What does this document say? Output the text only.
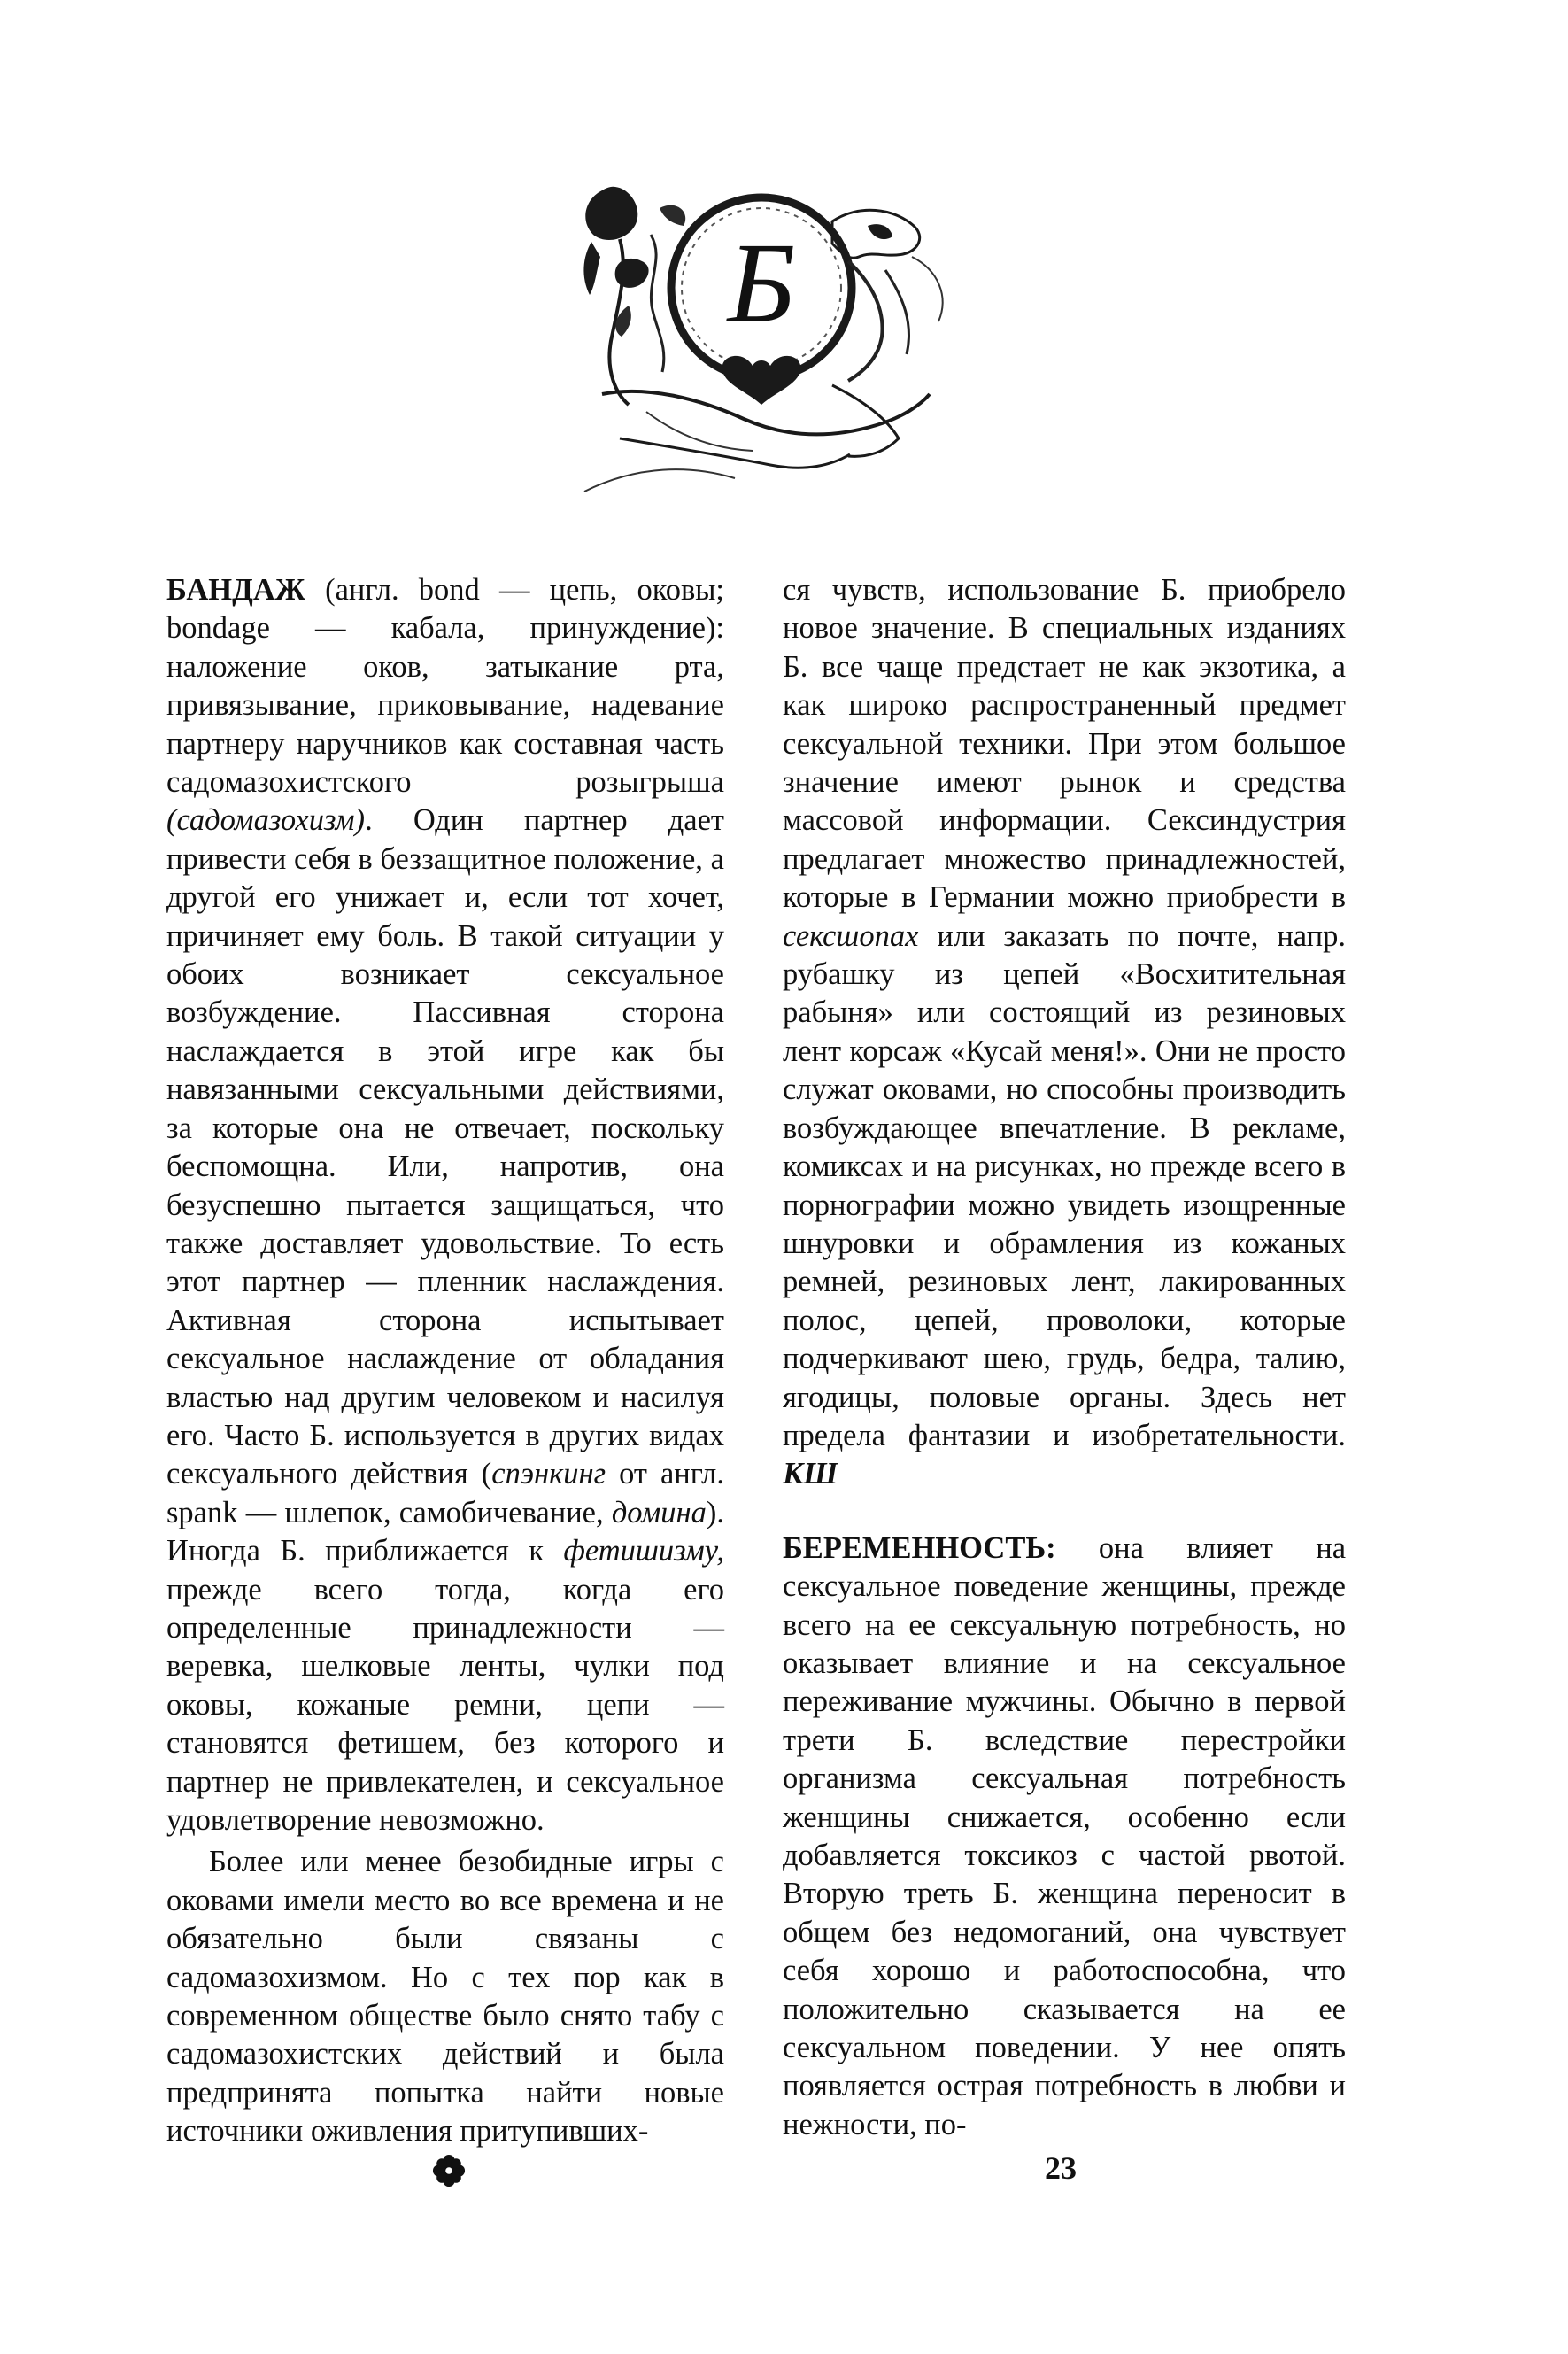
Б

БАНДАЖ (англ. bond — цепь, оковы; bondage — кабала, принуждение): наложение оков, затыкание рта, привязывание, приковывание, надевание партнеру наручников как составная часть садомазохистского розыгрыша (садомазохизм). Один партнер дает привести себя в беззащитное положение, а другой его унижает и, если тот хочет, причиняет ему боль. В такой ситуации у обоих возникает сексуальное возбуждение. Пассивная сторона наслаждается в этой игре как бы навязанными сексуальными действиями, за которые она не отвечает, поскольку беспомощна. Или, напротив, она безуспешно пытается защищаться, что также доставляет удовольствие. То есть этот партнер — пленник наслаждения. Активная сторона испытывает сексуальное наслаждение от обладания властью над другим человеком и насилуя его. Часто Б. используется в других видах сексуального действия (спэнкинг от англ. spank — шлепок, самобичевание, домина). Иногда Б. приближается к фетишизму, прежде всего тогда, когда его определенные принадлежности — веревка, шелковые ленты, чулки под оковы, кожаные ремни, цепи — становятся фетишем, без которого и партнер не привлекателен, и сексуальное удовлетворение невозможно.

Более или менее безобидные игры с оковами имели место во все времена и не обязательно были связаны с садомазохизмом. Но с тех пор как в современном обществе было снято табу с садомазохистских действий и была предпринята попытка найти новые источники оживления притупивших-

ся чувств, использование Б. приобрело новое значение. В специальных изданиях Б. все чаще предстает не как экзотика, а как широко распространенный предмет сексуальной техники. При этом большое значение имеют рынок и средства массовой информации. Сексиндустрия предлагает множество принадлежностей, которые в Германии можно приобрести в сексшопах или заказать по почте, напр. рубашку из цепей «Восхитительная рабыня» или состоящий из резиновых лент корсаж «Кусай меня!». Они не просто служат оковами, но способны производить возбуждающее впечатление. В рекламе, комиксах и на рисунках, но прежде всего в порнографии можно увидеть изощренные шнуровки и обрамления из кожаных ремней, резиновых лент, лакированных полос, цепей, проволоки, которые подчеркивают шею, грудь, бедра, талию, ягодицы, половые органы. Здесь нет предела фантазии и изобретательности. КШ

БЕРЕМЕННОСТЬ: она влияет на сексуальное поведение женщины, прежде всего на ее сексуальную потребность, но оказывает влияние и на сексуальное переживание мужчины. Обычно в первой трети Б. вследствие перестройки организма сексуальная потребность женщины снижается, особенно если добавляется токсикоз с частой рвотой. Вторую треть Б. женщина переносит в общем без недомоганий, она чувствует себя хорошо и работоспособна, что положительно сказывается на ее сексуальном поведении. У нее опять появляется острая потребность в любви и нежности, по-

23
